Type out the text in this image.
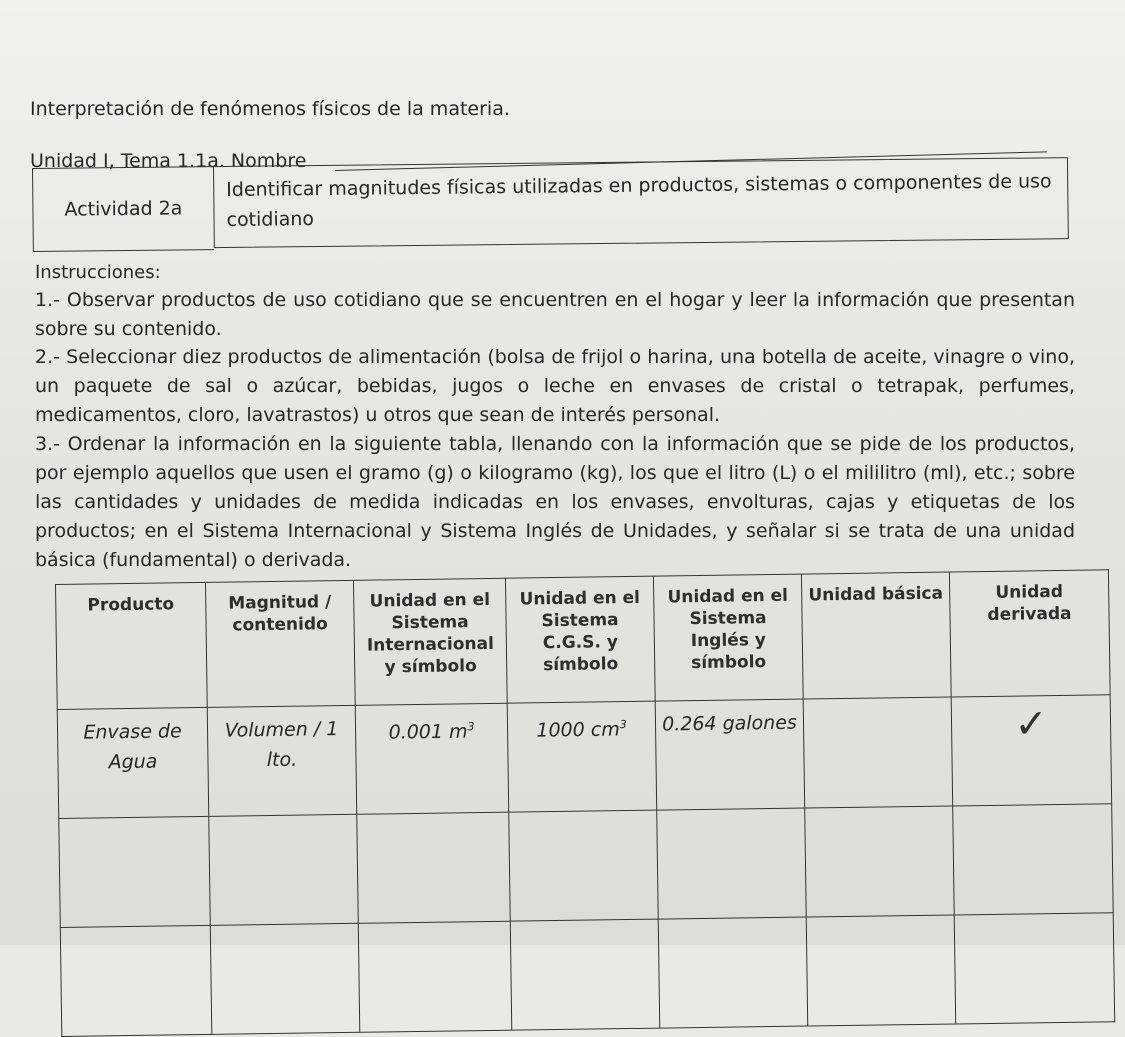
Interpretación de fenómenos físicos de la materia.
Unidad I, Tema 1.1a. Nombre
Actividad 2a
Identificar magnitudes físicas utilizadas en productos, sistemas o componentes de uso cotidiano
Instrucciones:
1.- Observar productos de uso cotidiano que se encuentren en el hogar y leer la información que presentan sobre su contenido.
2.- Seleccionar diez productos de alimentación (bolsa de frijol o harina, una botella de aceite, vinagre o vino, un paquete de sal o azúcar, bebidas, jugos o leche en envases de cristal o tetrapak, perfumes, medicamentos, cloro, lavatrastos) u otros que sean de interés personal.
3.- Ordenar la información en la siguiente tabla, llenando con la información que se pide de los productos, por ejemplo aquellos que usen el gramo (g) o kilogramo (kg), los que el litro (L) o el mililitro (ml), etc.; sobre las cantidades y unidades de medida indicadas en los envases, envolturas, cajas y etiquetas de los productos; en el Sistema Internacional y Sistema Inglés de Unidades, y señalar si se trata de una unidad básica (fundamental) o derivada.
Producto	Magnitud / contenido	Unidad en el Sistema Internacional y símbolo	Unidad en el Sistema C.G.S. y símbolo	Unidad en el Sistema Inglés y símbolo	Unidad básica	Unidad derivada
Envase de Agua	Volumen / 1 lto.	0.001 $m^3$	1000 $cm^3$	0.264 galones		✓
